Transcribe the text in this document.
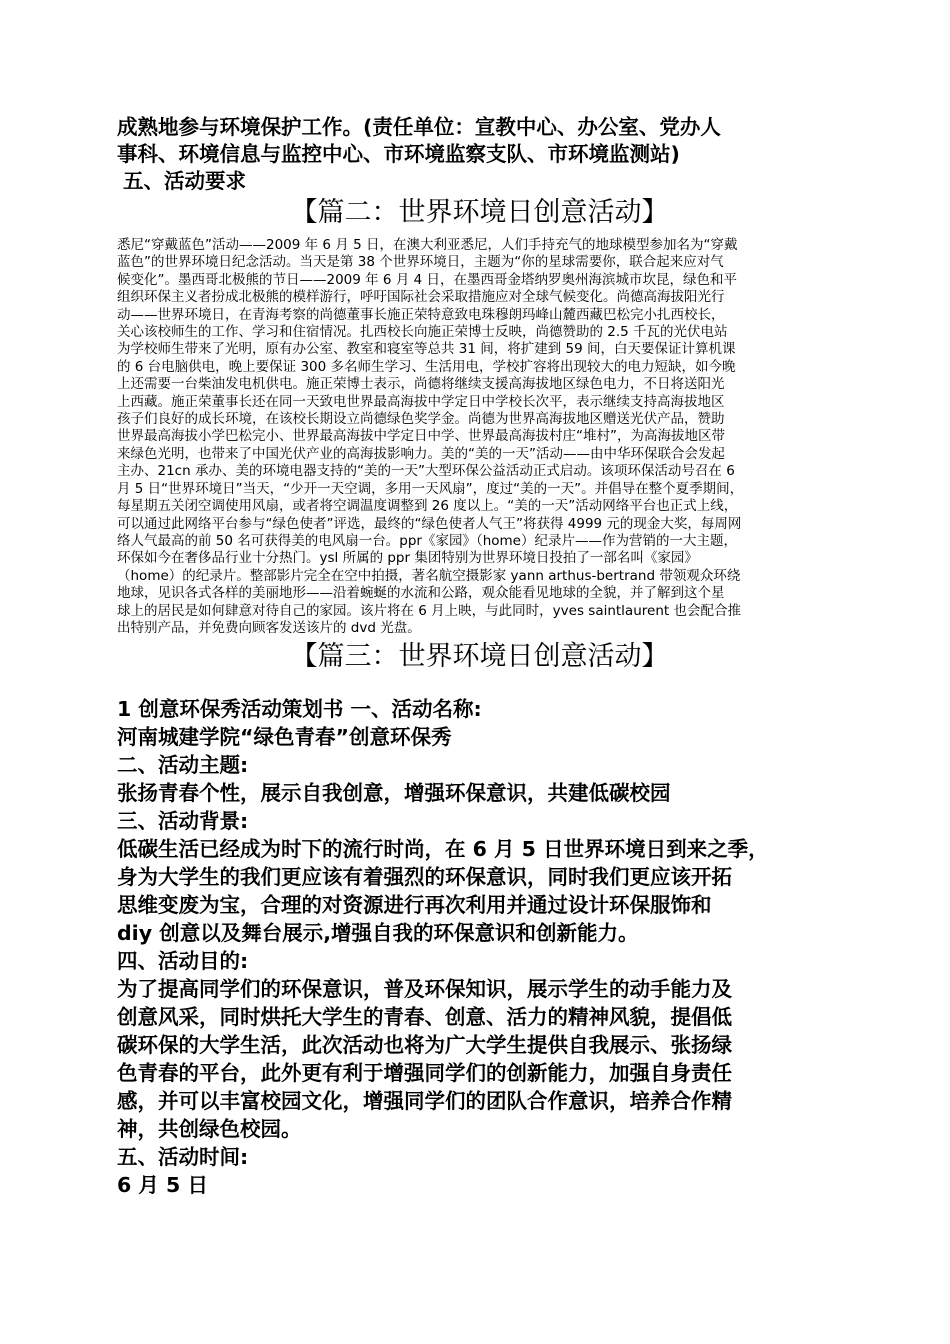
成熟地参与环境保护工作。(责任单位：宣教中心、办公室、党办人

事科、环境信息与监控中心、市环境监察支队、市环境监测站)

五、活动要求

【篇二：世界环境日创意活动】

悉尼“穿戴蓝色”活动——2009 年 6 月 5 日，在澳大利亚悉尼，人们手持充气的地球模型参加名为“穿戴

蓝色”的世界环境日纪念活动。当天是第 38 个世界环境日，主题为“你的星球需要你，联合起来应对气

候变化”。墨西哥北极熊的节日——2009 年 6 月 4 日，在墨西哥金塔纳罗奥州海滨城市坎昆，绿色和平

组织环保主义者扮成北极熊的模样游行，呼吁国际社会采取措施应对全球气候变化。尚德高海拔阳光行

动——世界环境日，在青海考察的尚德董事长施正荣特意致电珠穆朗玛峰山麓西藏巴松完小扎西校长，

关心该校师生的工作、学习和住宿情况。扎西校长向施正荣博士反映，尚德赞助的 2.5 千瓦的光伏电站

为学校师生带来了光明，原有办公室、教室和寝室等总共 31 间，将扩建到 59 间，白天要保证计算机课

的 6 台电脑供电，晚上要保证 300 多名师生学习、生活用电，学校扩容将出现较大的电力短缺，如今晚

上还需要一台柴油发电机供电。施正荣博士表示，尚德将继续支援高海拔地区绿色电力，不日将送阳光

上西藏。施正荣董事长还在同一天致电世界最高海拔中学定日中学校长次平，表示继续支持高海拔地区

孩子们良好的成长环境，在该校长期设立尚德绿色奖学金。尚德为世界高海拔地区赠送光伏产品，赞助

世界最高海拔小学巴松完小、世界最高海拔中学定日中学、世界最高海拔村庄“堆村”，为高海拔地区带

来绿色光明，也带来了中国光伏产业的高海拔影响力。美的“美的一天”活动——由中华环保联合会发起

主办、21cn 承办、美的环境电器支持的“美的一天”大型环保公益活动正式启动。该项环保活动号召在 6

月 5 日“世界环境日”当天，“少开一天空调，多用一天风扇”，度过“美的一天”。并倡导在整个夏季期间，

每星期五关闭空调使用风扇，或者将空调温度调整到 26 度以上。“美的一天”活动网络平台也正式上线，

可以通过此网络平台参与“绿色使者”评选，最终的“绿色使者人气王”将获得 4999 元的现金大奖，每周网

络人气最高的前 50 名可获得美的电风扇一台。ppr《家园》（home）纪录片——作为营销的一大主题，

环保如今在奢侈品行业十分热门。ysl 所属的 ppr 集团特别为世界环境日投拍了一部名叫《家园》

（home）的纪录片。整部影片完全在空中拍摄，著名航空摄影家 yann arthus-bertrand 带领观众环绕

地球，见识各式各样的美丽地形——沿着蜿蜒的水流和公路，观众能看见地球的全貌，并了解到这个星

球上的居民是如何肆意对待自己的家园。该片将在 6 月上映，与此同时，yves saintlaurent 也会配合推

出特别产品，并免费向顾客发送该片的 dvd 光盘。

【篇三：世界环境日创意活动】

1 创意环保秀活动策划书 一、活动名称:

河南城建学院“绿色青春”创意环保秀

二、活动主题:

张扬青春个性，展示自我创意，增强环保意识，共建低碳校园

三、活动背景:

低碳生活已经成为时下的流行时尚，在 6 月 5 日世界环境日到来之季，

身为大学生的我们更应该有着强烈的环保意识，同时我们更应该开拓

思维变废为宝，合理的对资源进行再次利用并通过设计环保服饰和

diy 创意以及舞台展示,增强自我的环保意识和创新能力。

四、活动目的:

为了提高同学们的环保意识，普及环保知识，展示学生的动手能力及

创意风采，同时烘托大学生的青春、创意、活力的精神风貌，提倡低

碳环保的大学生活，此次活动也将为广大学生提供自我展示、张扬绿

色青春的平台，此外更有利于增强同学们的创新能力，加强自身责任

感，并可以丰富校园文化，增强同学们的团队合作意识，培养合作精

神，共创绿色校园。

五、活动时间:

6 月 5 日
